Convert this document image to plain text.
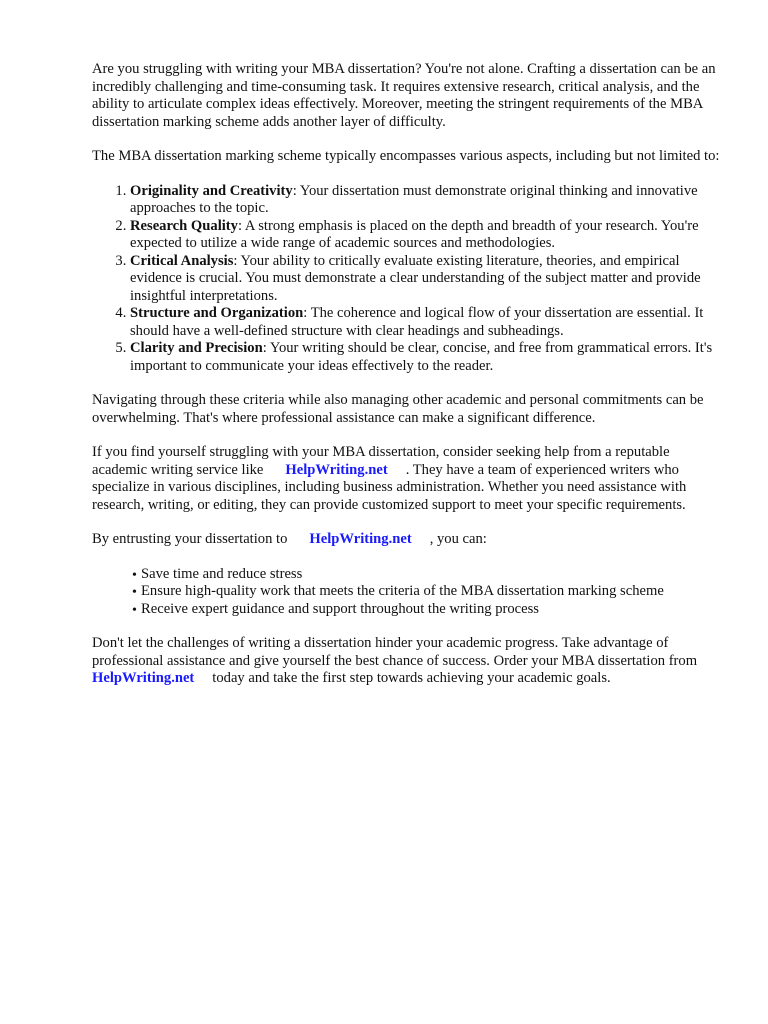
Are you struggling with writing your MBA dissertation? You're not alone. Crafting a dissertation can be an incredibly challenging and time-consuming task. It requires extensive research, critical analysis, and the ability to articulate complex ideas effectively. Moreover, meeting the stringent requirements of the MBA dissertation marking scheme adds another layer of difficulty.

The MBA dissertation marking scheme typically encompasses various aspects, including but not limited to:

1. Originality and Creativity: Your dissertation must demonstrate original thinking and innovative approaches to the topic.
2. Research Quality: A strong emphasis is placed on the depth and breadth of your research. You're expected to utilize a wide range of academic sources and methodologies.
3. Critical Analysis: Your ability to critically evaluate existing literature, theories, and empirical evidence is crucial. You must demonstrate a clear understanding of the subject matter and provide insightful interpretations.
4. Structure and Organization: The coherence and logical flow of your dissertation are essential. It should have a well-defined structure with clear headings and subheadings.
5. Clarity and Precision: Your writing should be clear, concise, and free from grammatical errors. It's important to communicate your ideas effectively to the reader.

Navigating through these criteria while also managing other academic and personal commitments can be overwhelming. That's where professional assistance can make a significant difference.

If you find yourself struggling with your MBA dissertation, consider seeking help from a reputable academic writing service like HelpWriting.net . They have a team of experienced writers who specialize in various disciplines, including business administration. Whether you need assistance with research, writing, or editing, they can provide customized support to meet your specific requirements.

By entrusting your dissertation to HelpWriting.net , you can:

• Save time and reduce stress
• Ensure high-quality work that meets the criteria of the MBA dissertation marking scheme
• Receive expert guidance and support throughout the writing process

Don't let the challenges of writing a dissertation hinder your academic progress. Take advantage of professional assistance and give yourself the best chance of success. Order your MBA dissertation fromHelpWriting.net today and take the first step towards achieving your academic goals.
